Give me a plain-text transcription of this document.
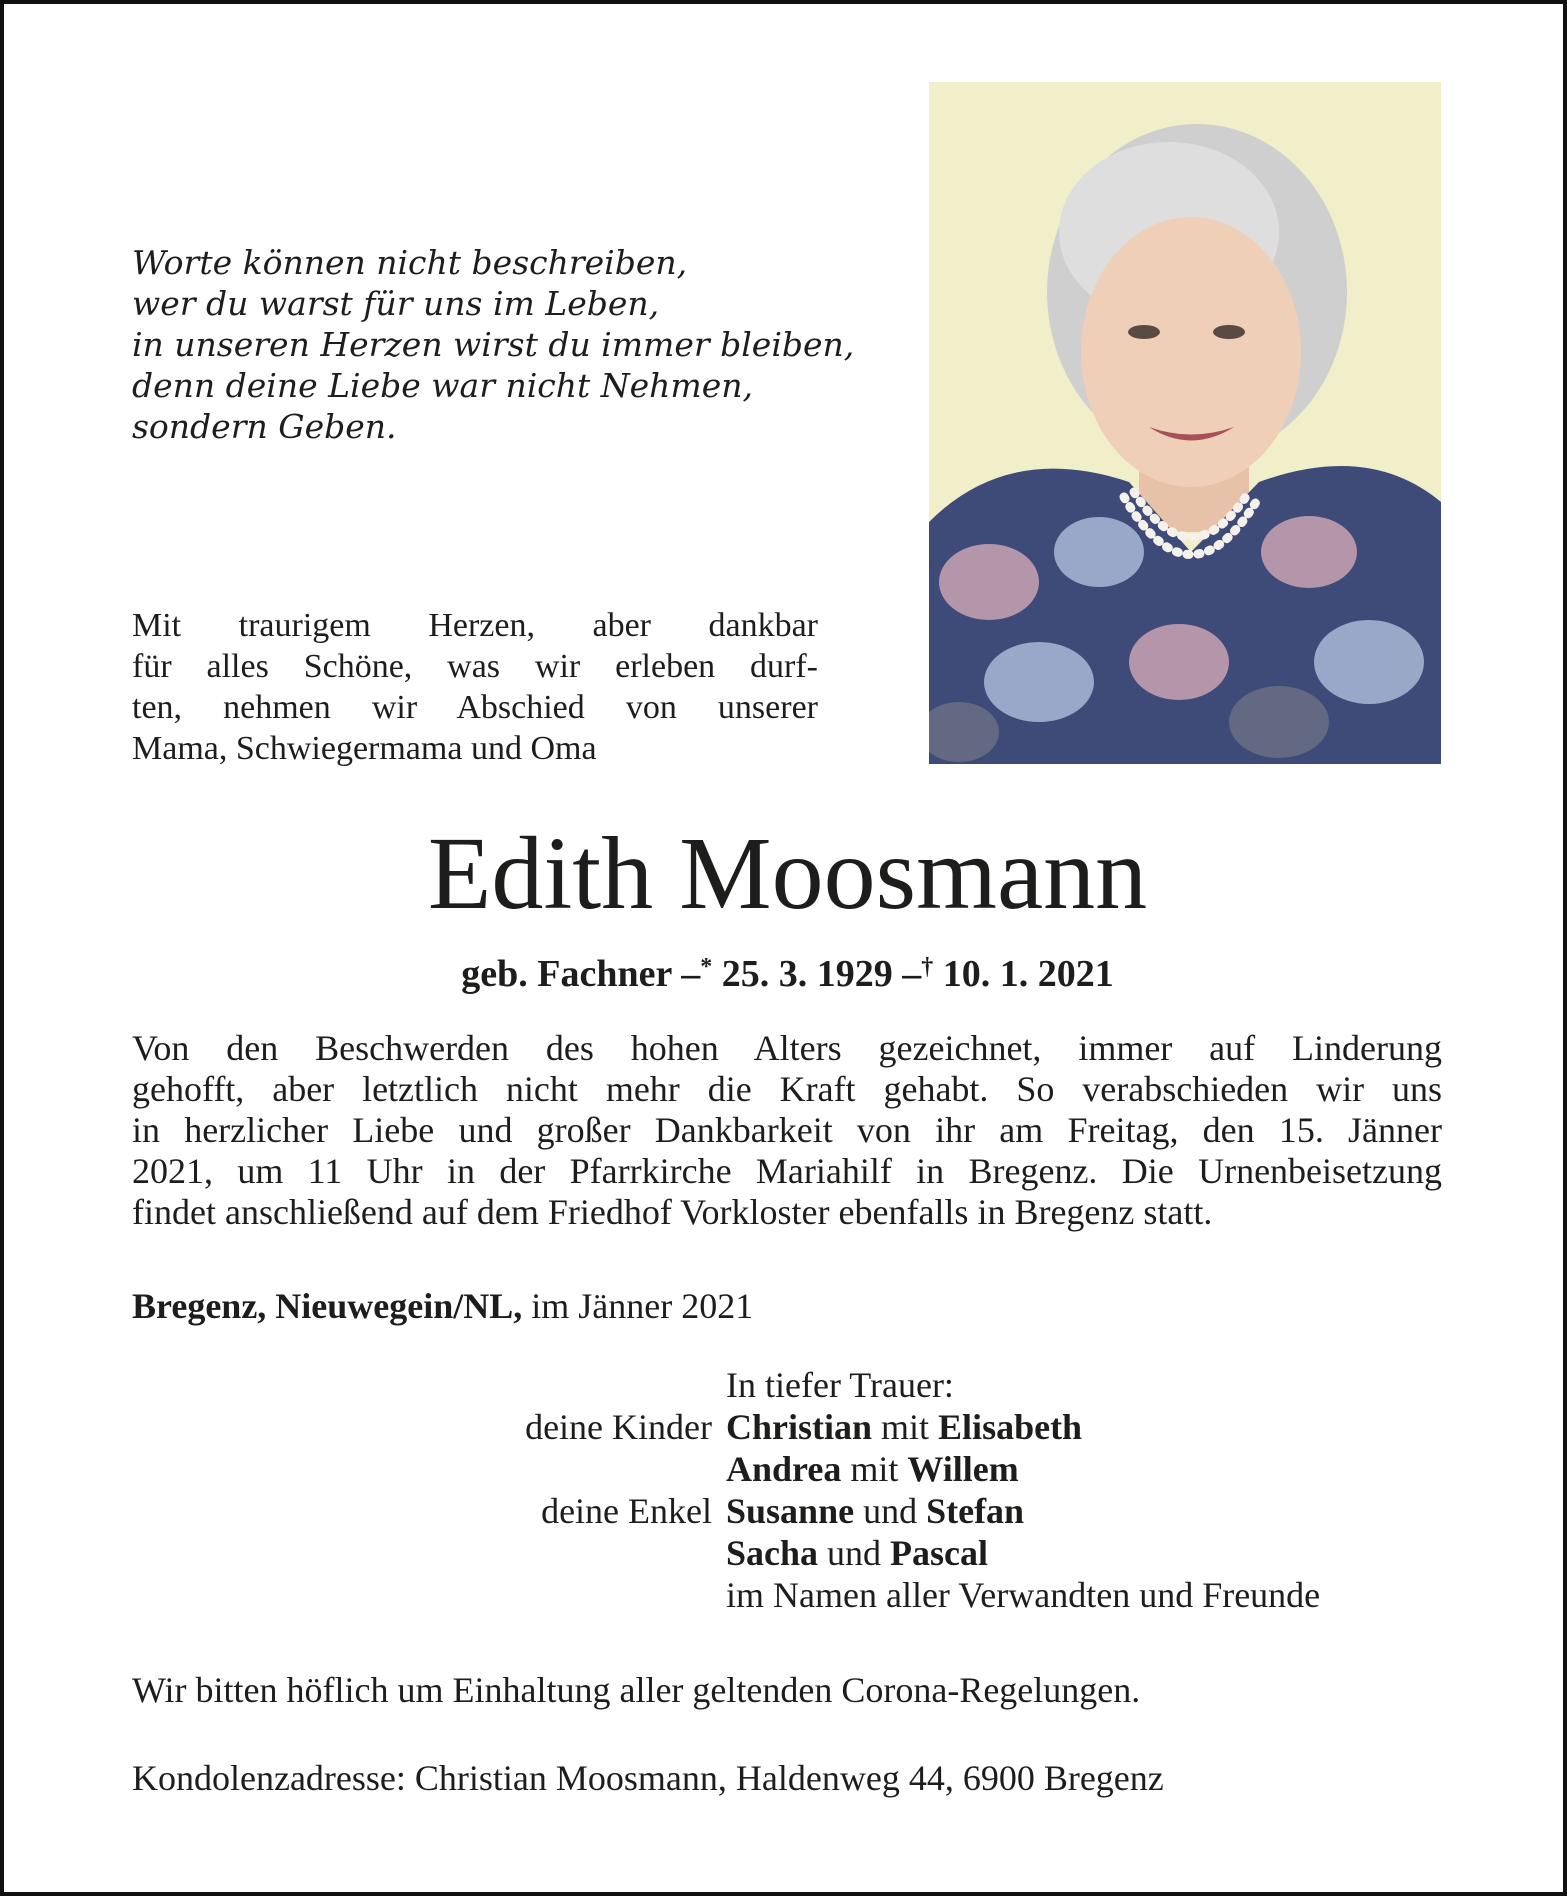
Worte können nicht beschreiben,
wer du warst für uns im Leben,
in unseren Herzen wirst du immer bleiben,
denn deine Liebe war nicht Nehmen,
sondern Geben.
Mit traurigem Herzen, aber dankbar
für alles Schöne, was wir erleben durf-
ten, nehmen wir Abschied von unserer
Mama, Schwiegermama und Oma
Edith Moosmann
geb. Fachner –* 25. 3. 1929 –† 10. 1. 2021
Von den Beschwerden des hohen Alters gezeichnet, immer auf Linderung
gehofft, aber letztlich nicht mehr die Kraft gehabt. So verabschieden wir uns
in herzlicher Liebe und großer Dankbarkeit von ihr am Freitag, den 15. Jänner
2021, um 11 Uhr in der Pfarrkirche Mariahilf in Bregenz. Die Urnenbeisetzung
findet anschließend auf dem Friedhof Vorkloster ebenfalls in Bregenz statt.
Bregenz, Nieuwegein/NL, im Jänner 2021
In tiefer Trauer:
deine Kinder Christian mit Elisabeth
Andrea mit Willem
deine Enkel Susanne und Stefan
Sacha und Pascal
im Namen aller Verwandten und Freunde
Wir bitten höflich um Einhaltung aller geltenden Corona-Regelungen.
Kondolenzadresse: Christian Moosmann, Haldenweg 44, 6900 Bregenz
